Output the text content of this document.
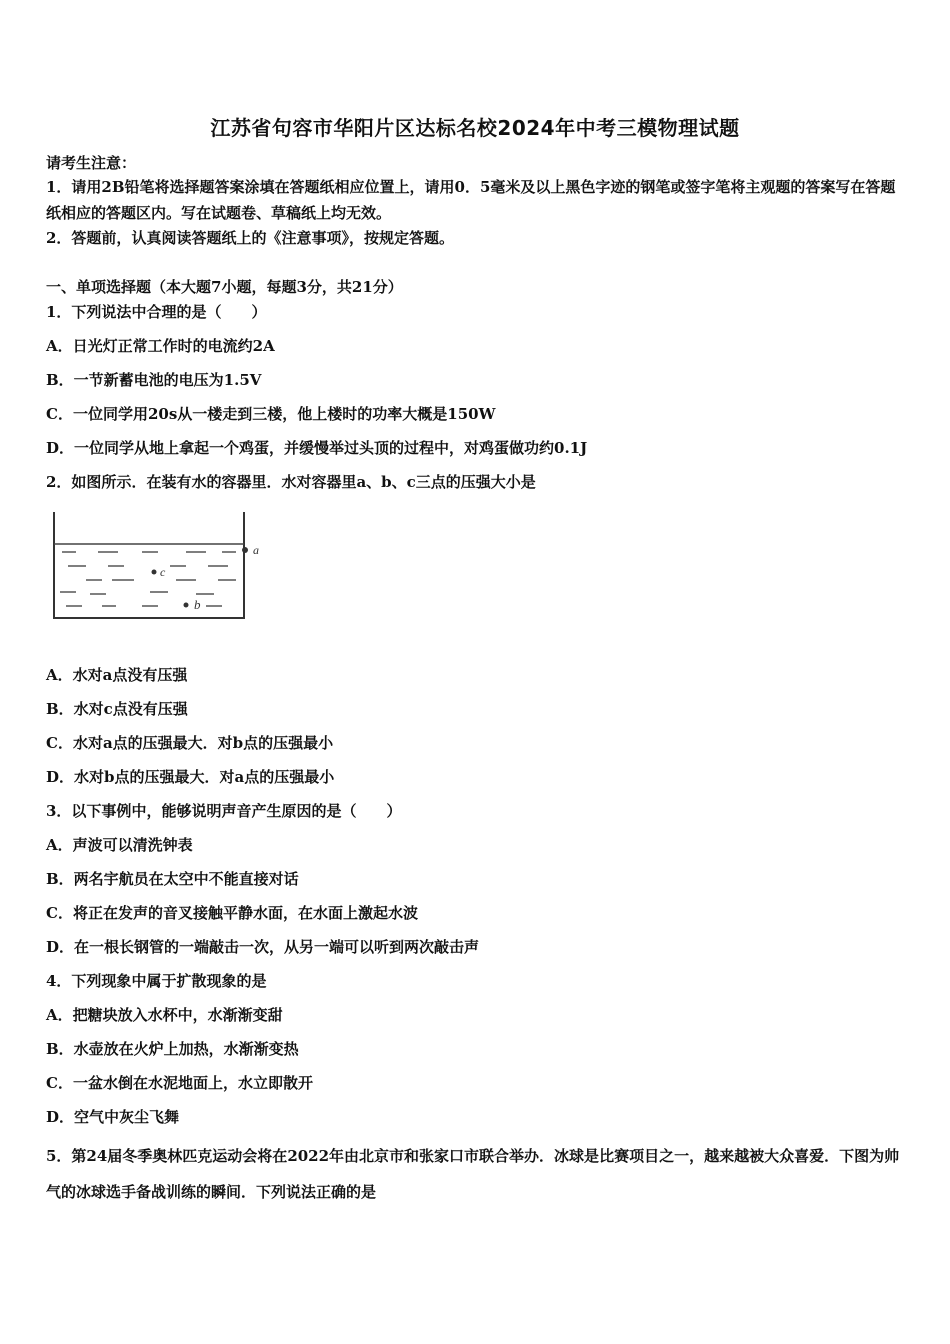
江苏省句容市华阳片区达标名校2024年中考三模物理试题
请考生注意：
1．请用2B铅笔将选择题答案涂填在答题纸相应位置上，请用0．5毫米及以上黑色字迹的钢笔或签字笔将主观题的答案写在答题纸相应的答题区内。写在试题卷、草稿纸上均无效。
2．答题前，认真阅读答题纸上的《注意事项》，按规定答题。
一、单项选择题（本大题7小题，每题3分，共21分）
1．下列说法中合理的是（　　）
A．日光灯正常工作时的电流约2A
B．一节新蓄电池的电压为1.5V
C．一位同学用20s从一楼走到三楼，他上楼时的功率大概是150W
D．一位同学从地上拿起一个鸡蛋，并缓慢举过头顶的过程中，对鸡蛋做功约0.1J
2．如图所示．在装有水的容器里．水对容器里a、b、c三点的压强大小是
a
c
b
A．水对a点没有压强
B．水对c点没有压强
C．水对a点的压强最大．对b点的压强最小
D．水对b点的压强最大．对a点的压强最小
3．以下事例中，能够说明声音产生原因的是（　　）
A．声波可以清洗钟表
B．两名宇航员在太空中不能直接对话
C．将正在发声的音叉接触平静水面，在水面上激起水波
D．在一根长钢管的一端敲击一次，从另一端可以听到两次敲击声
4．下列现象中属于扩散现象的是
A．把糖块放入水杯中，水渐渐变甜
B．水壶放在火炉上加热，水渐渐变热
C．一盆水倒在水泥地面上，水立即散开
D．空气中灰尘飞舞
5．第24届冬季奥林匹克运动会将在2022年由北京市和张家口市联合举办．冰球是比赛项目之一，越来越被大众喜爱．下图为帅气的冰球选手备战训练的瞬间．下列说法正确的是
